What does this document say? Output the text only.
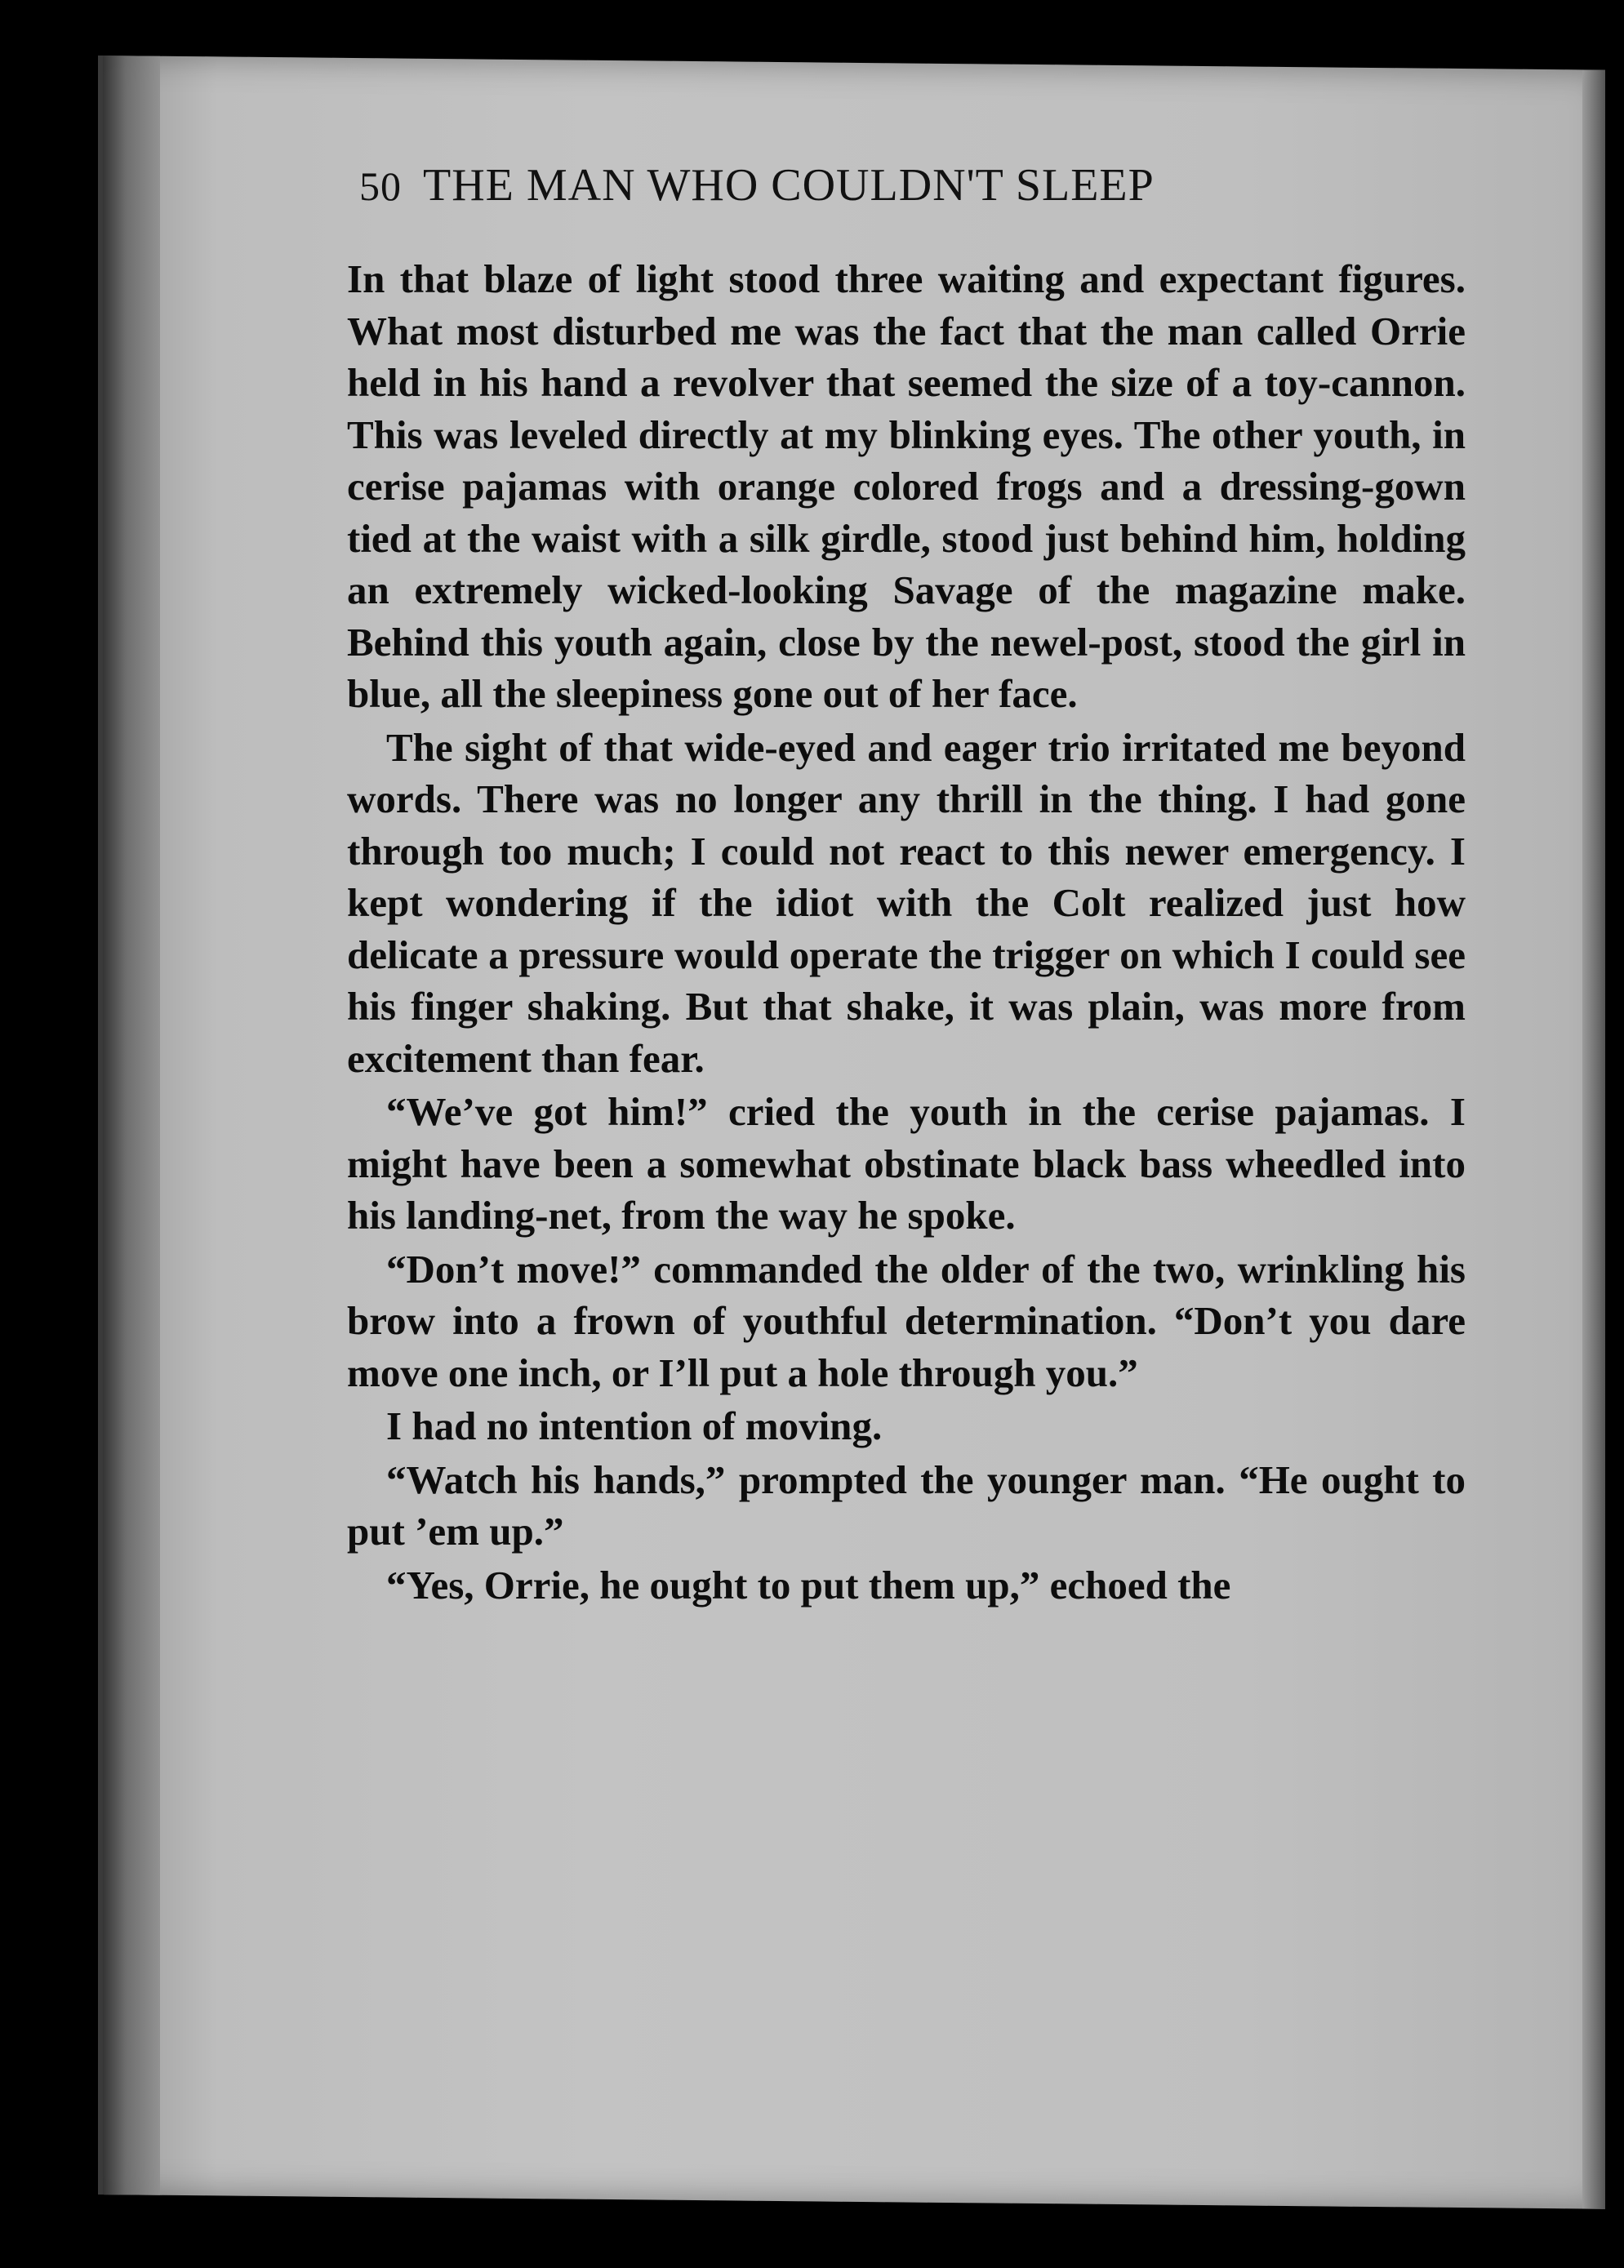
50 THE MAN WHO COULDN'T SLEEP

In that blaze of light stood three waiting and expectant figures. What most disturbed me was the fact that the man called Orrie held in his hand a revolver that seemed the size of a toy-cannon. This was leveled directly at my blinking eyes. The other youth, in cerise pajamas with orange colored frogs and a dressing-gown tied at the waist with a silk girdle, stood just behind him, holding an extremely wicked-looking Savage of the magazine make. Behind this youth again, close by the newel-post, stood the girl in blue, all the sleepiness gone out of her face.

The sight of that wide-eyed and eager trio irritated me beyond words. There was no longer any thrill in the thing. I had gone through too much; I could not react to this newer emergency. I kept wondering if the idiot with the Colt realized just how delicate a pressure would operate the trigger on which I could see his finger shaking. But that shake, it was plain, was more from excitement than fear.

“We’ve got him!” cried the youth in the cerise pajamas. I might have been a somewhat obstinate black bass wheedled into his landing-net, from the way he spoke.

“Don’t move!” commanded the older of the two, wrinkling his brow into a frown of youthful determination. “Don’t you dare move one inch, or I’ll put a hole through you.”

I had no intention of moving.

“Watch his hands,” prompted the younger man. “He ought to put ’em up.”

“Yes, Orrie, he ought to put them up,” echoed the
